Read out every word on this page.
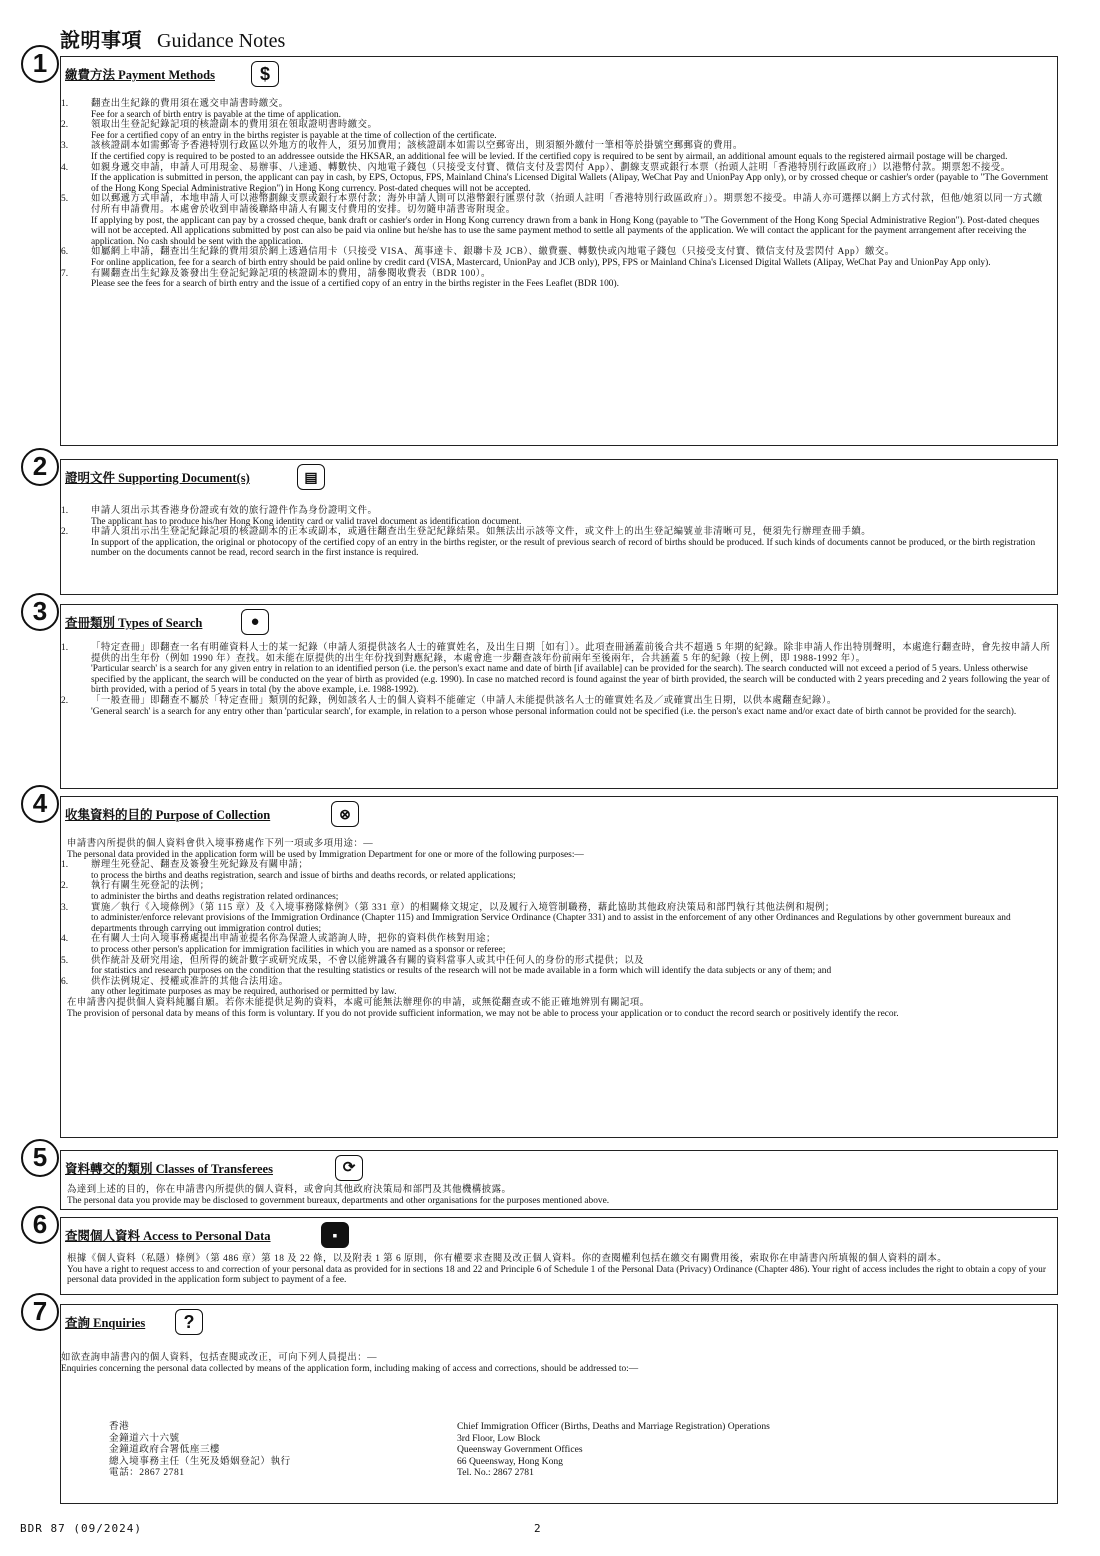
說明事項 Guidance Notes
1	繳費方法 Payment Methods	$
1. 翻查出生紀錄的費用須在遞交申請書時繳交。
Fee for a search of birth entry is payable at the time of application.
2. 領取出生登記紀錄記項的核證副本的費用須在領取證明書時繳交。
Fee for a certified copy of an entry in the births register is payable at the time of collection of the certificate.
3. 該核證副本如需郵寄予香港特別行政區以外地方的收件人，須另加費用；該核證副本如需以空郵寄出，則須額外繳付一筆相等於掛號空郵郵資的費用。
If the certified copy is required to be posted to an addressee outside the HKSAR, an additional fee will be levied. If the certified copy is required to be sent by airmail, an additional amount equals to the registered airmail postage will be charged.
4. 如親身遞交申請，申請人可用現金、易辦事、八達通、轉數快、內地電子錢包（只接受支付寶、微信支付及雲閃付 App）、劃線支票或銀行本票（抬頭人註明「香港特別行政區政府」）以港幣付款。期票恕不接受。
If the application is submitted in person, the applicant can pay in cash, by EPS, Octopus, FPS, Mainland China's Licensed Digital Wallets (Alipay, WeChat Pay and UnionPay App only), or by crossed cheque or cashier's order (payable to "The Government of the Hong Kong Special Administrative Region") in Hong Kong currency. Post-dated cheques will not be accepted.
5. 如以郵遞方式申請，本地申請人可以港幣劃線支票或銀行本票付款；海外申請人則可以港幣銀行匯票付款（抬頭人註明「香港特別行政區政府」）。期票恕不接受。申請人亦可選擇以網上方式付款，但他/她須以同一方式繳付所有申請費用。本處會於收到申請後聯絡申請人有關支付費用的安排。切勿隨申請書寄附現金。
If applying by post, the applicant can pay by a crossed cheque, bank draft or cashier's order in Hong Kong currency drawn from a bank in Hong Kong (payable to "The Government of the Hong Kong Special Administrative Region"). Post-dated cheques will not be accepted. All applications submitted by post can also be paid via online but he/she has to use the same payment method to settle all payments of the application. We will contact the applicant for the payment arrangement after receiving the application. No cash should be sent with the application.
6. 如屬網上申請，翻查出生紀錄的費用須於網上透過信用卡（只接受 VISA、萬事達卡、銀聯卡及 JCB）、繳費靈、轉數快或內地電子錢包（只接受支付寶、微信支付及雲閃付 App）繳交。
For online application, fee for a search of birth entry should be paid online by credit card (VISA, Mastercard, UnionPay and JCB only), PPS, FPS or Mainland China's Licensed Digital Wallets (Alipay, WeChat Pay and UnionPay App only).
7. 有關翻查出生紀錄及簽發出生登記紀錄記項的核證副本的費用，請參閱收費表（BDR 100）。
Please see the fees for a search of birth entry and the issue of a certified copy of an entry in the births register in the Fees Leaflet (BDR 100).
2	證明文件 Supporting Document(s)	▤
1. 申請人須出示其香港身份證或有效的旅行證件作為身份證明文件。
The applicant has to produce his/her Hong Kong identity card or valid travel document as identification document.
2. 申請人須出示出生登記紀錄記項的核證副本的正本或副本，或過往翻查出生登記紀錄結果。如無法出示該等文件，或文件上的出生登記編號並非清晰可見，便須先行辦理查冊手續。
In support of the application, the original or photocopy of the certified copy of an entry in the births register, or the result of previous search of record of births should be produced. If such kinds of documents cannot be produced, or the birth registration number on the documents cannot be read, record search in the first instance is required.
3	查冊類別 Types of Search	●
1. 「特定查冊」即翻查一名有明確資料人士的某一紀錄（申請人須提供該名人士的確實姓名，及出生日期［如有］）。此項查冊涵蓋前後合共不超過 5 年期的紀錄。除非申請人作出特別聲明，本處進行翻查時，會先按申請人所提供的出生年份（例如 1990 年）查找。如未能在原提供的出生年份找到對應紀錄，本處會進一步翻查該年份前兩年至後兩年，合共涵蓋 5 年的紀錄（按上例，即 1988-1992 年）。
'Particular search' is a search for any given entry in relation to an identified person (i.e. the person's exact name and date of birth [if available] can be provided for the search). The search conducted will not exceed a period of 5 years. Unless otherwise specified by the applicant, the search will be conducted on the year of birth as provided (e.g. 1990). In case no matched record is found against the year of birth provided, the search will be conducted with 2 years preceding and 2 years following the year of birth provided, with a period of 5 years in total (by the above example, i.e. 1988-1992).
2. 「一般查冊」即翻查不屬於「特定查冊」類別的紀錄，例如該名人士的個人資料不能確定（申請人未能提供該名人士的確實姓名及／或確實出生日期，以供本處翻查紀錄）。
'General search' is a search for any entry other than 'particular search', for example, in relation to a person whose personal information could not be specified (i.e. the person's exact name and/or exact date of birth cannot be provided for the search).
4	收集資料的目的 Purpose of Collection	⊗
申請書內所提供的個人資料會供入境事務處作下列一項或多項用途：—
The personal data provided in the application form will be used by Immigration Department for one or more of the following purposes:—
1. 辦理生死登記、翻查及簽發生死紀錄及有關申請；
to process the births and deaths registration, search and issue of births and deaths records, or related applications;
2. 執行有關生死登記的法例；
to administer the births and deaths registration related ordinances;
3. 實施／執行《入境條例》（第 115 章）及《入境事務隊條例》（第 331 章）的相關條文規定，以及履行入境管制職務，藉此協助其他政府決策局和部門執行其他法例和規例；
to administer/enforce relevant provisions of the Immigration Ordinance (Chapter 115) and Immigration Service Ordinance (Chapter 331) and to assist in the enforcement of any other Ordinances and Regulations by other government bureaux and departments through carrying out immigration control duties;
4. 在有關人士向入境事務處提出申請並提名你為保證人或諮詢人時，把你的資料供作核對用途；
to process other person's application for immigration facilities in which you are named as a sponsor or referee;
5. 供作統計及研究用途，但所得的統計數字或研究成果，不會以能辨識各有關的資料當事人或其中任何人的身份的形式提供；以及
for statistics and research purposes on the condition that the resulting statistics or results of the research will not be made available in a form which will identify the data subjects or any of them; and
6. 供作法例規定、授權或准許的其他合法用途。
any other legitimate purposes as may be required, authorised or permitted by law.
在申請書內提供個人資料純屬自願。若你未能提供足夠的資料，本處可能無法辦理你的申請，或無從翻查或不能正確地辨別有關記項。
The provision of personal data by means of this form is voluntary. If you do not provide sufficient information, we may not be able to process your application or to conduct the record search or positively identify the recor.
5	資料轉交的類別 Classes of Transferees	⟳
為達到上述的目的，你在申請書內所提供的個人資料，或會向其他政府決策局和部門及其他機構披露。
The personal data you provide may be disclosed to government bureaux, departments and other organisations for the purposes mentioned above.
6	查閱個人資料 Access to Personal Data	▪
根據《個人資料（私隱）條例》（第 486 章）第 18 及 22 條，以及附表 1 第 6 原則，你有權要求查閱及改正個人資料。你的查閱權利包括在繳交有關費用後，索取你在申請書內所填報的個人資料的副本。
You have a right to request access to and correction of your personal data as provided for in sections 18 and 22 and Principle 6 of Schedule 1 of the Personal Data (Privacy) Ordinance (Chapter 486). Your right of access includes the right to obtain a copy of your personal data provided in the application form subject to payment of a fee.
7	查詢 Enquiries	?
如欲查詢申請書內的個人資料，包括查閱或改正，可向下列人員提出：—
Enquiries concerning the personal data collected by means of the application form, including making of access and corrections, should be addressed to:—
香港
金鐘道六十六號
金鐘道政府合署低座三樓
總入境事務主任（生死及婚姻登記）執行
電話：2867 2781
Chief Immigration Officer (Births, Deaths and Marriage Registration) Operations
3rd Floor, Low Block
Queensway Government Offices
66 Queensway, Hong Kong
Tel. No.: 2867 2781
BDR 87 (09/2024)	2
